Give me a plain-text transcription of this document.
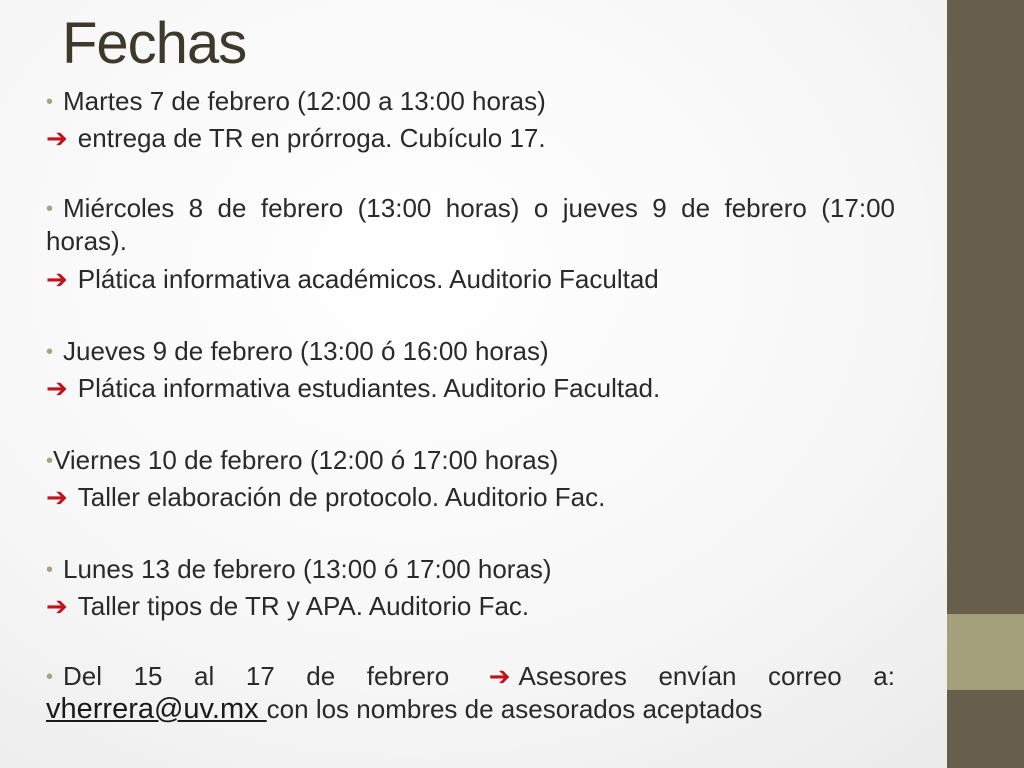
Fechas

• Martes 7 de febrero (12:00 a 13:00 horas)

➔ entrega de TR en prórroga. Cubículo 17.

• Miércoles 8 de febrero (13:00 horas) o jueves 9 de febrero (17:00 horas).

➔ Plática informativa académicos. Auditorio Facultad

• Jueves 9 de febrero (13:00 ó 16:00 horas)

➔ Plática informativa estudiantes. Auditorio Facultad.

•Viernes 10 de febrero (12:00 ó 17:00 horas)

➔ Taller elaboración de protocolo. Auditorio Fac.

• Lunes 13 de febrero (13:00 ó 17:00 horas)

➔ Taller tipos de TR y APA. Auditorio Fac.

• Del 15 al 17 de febrero ➔ Asesores envían correo a: vherrera@uv.mx con los nombres de asesorados aceptados
